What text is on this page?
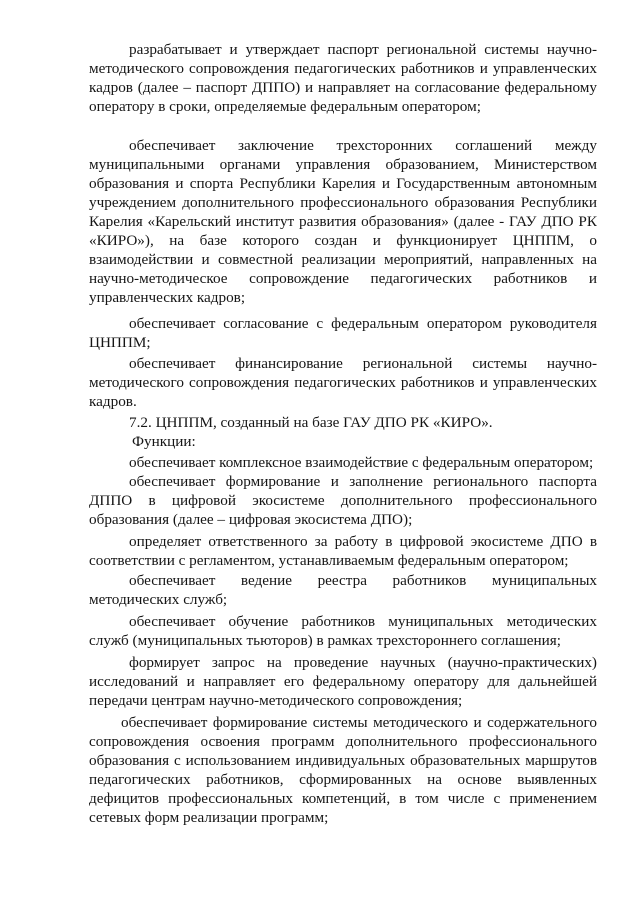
разрабатывает и утверждает паспорт региональной системы научно-
методического сопровождения педагогических работников и управленческих
кадров (далее – паспорт ДППО) и направляет на согласование федеральному
оператору в сроки, определяемые федеральным оператором;
обеспечивает заключение трехсторонних соглашений между
муниципальными органами управления образованием, Министерством
образования и спорта Республики Карелия и Государственным автономным
учреждением дополнительного профессионального образования Республики
Карелия «Карельский институт развития образования» (далее - ГАУ ДПО РК
«КИРО»), на базе которого создан и функционирует ЦНППМ, о
взаимодействии и совместной реализации мероприятий, направленных на
научно-методическое сопровождение педагогических работников и
управленческих кадров;
обеспечивает согласование с федеральным оператором руководителя
ЦНППМ;
обеспечивает финансирование региональной системы научно-
методического сопровождения педагогических работников и управленческих
кадров.
7.2. ЦНППМ, созданный на базе ГАУ ДПО РК «КИРО».
Функции:
обеспечивает комплексное взаимодействие с федеральным оператором;
обеспечивает формирование и заполнение регионального паспорта
ДППО в цифровой экосистеме дополнительного профессионального
образования (далее – цифровая экосистема ДПО);
определяет ответственного за работу в цифровой экосистеме ДПО в
соответствии с регламентом, устанавливаемым федеральным оператором;
обеспечивает ведение реестра работников муниципальных
методических служб;
обеспечивает обучение работников муниципальных методических
служб (муниципальных тьюторов) в рамках трехстороннего соглашения;
формирует запрос на проведение научных (научно-практических)
исследований и направляет его федеральному оператору для дальнейшей
передачи центрам научно-методического сопровождения;
обеспечивает формирование системы методического и содержательного
сопровождения освоения программ дополнительного профессионального
образования с использованием индивидуальных образовательных маршрутов
педагогических работников, сформированных на основе выявленных
дефицитов профессиональных компетенций, в том числе с применением
сетевых форм реализации программ;
